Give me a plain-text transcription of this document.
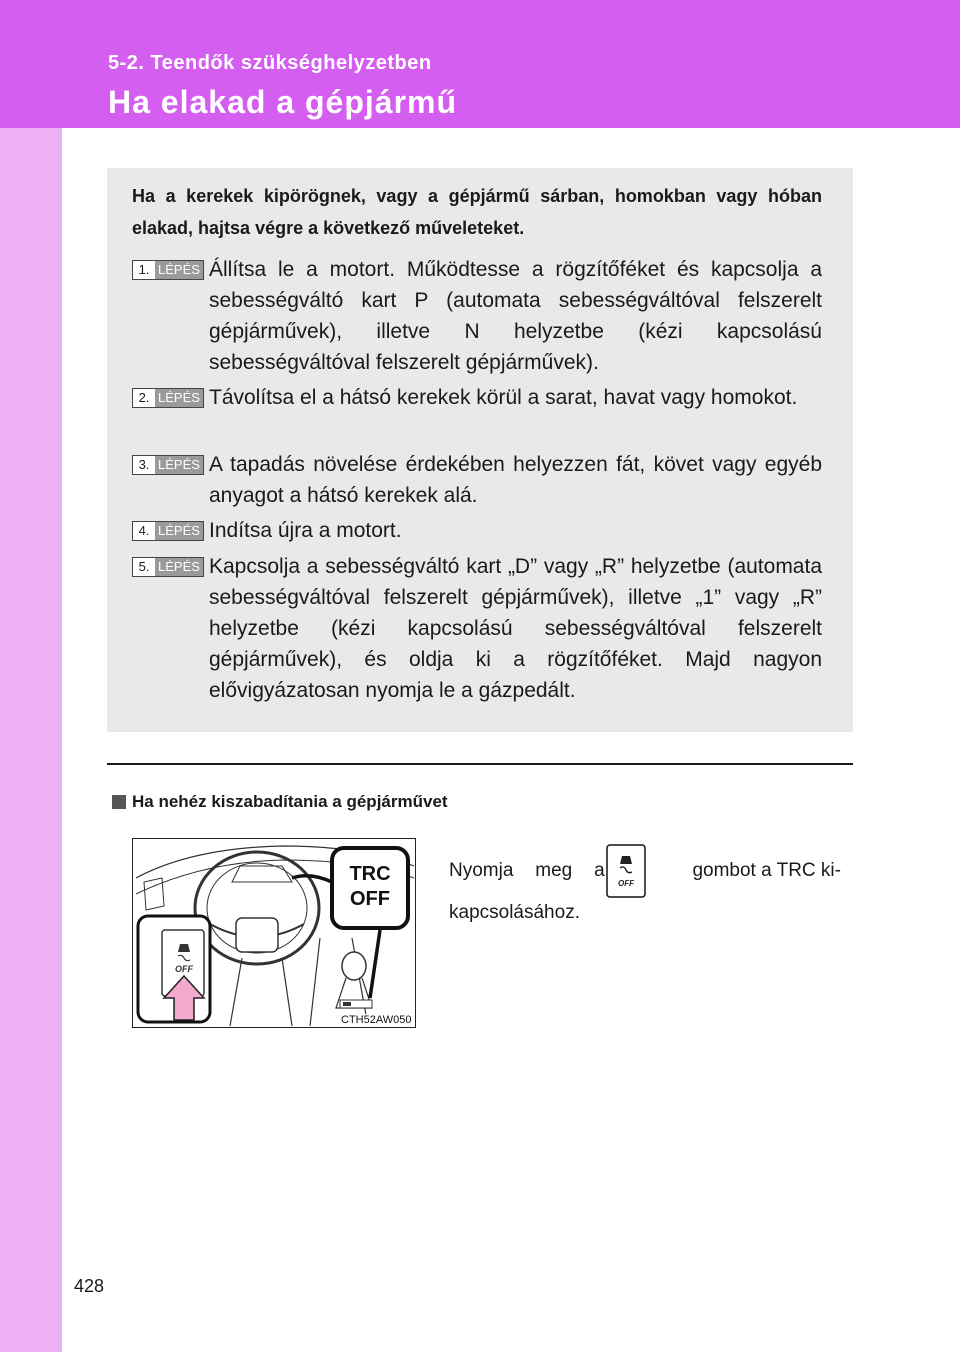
5-2. Teendők szükséghelyzetben
Ha elakad a gépjármű
Ha a kerekek kipörögnek, vagy a gépjármű sárban, homokban vagy hóban elakad, hajtsa végre a következő műveleteket.
1. LÉPÉS Állítsa le a motort. Működtesse a rögzítőféket és kapcsolja a sebességváltó kart P (automata sebességváltóval felszerelt gépjárművek), illetve N helyzetbe (kézi kapcsolású sebességváltóval felszerelt gépjárművek).
2. LÉPÉS Távolítsa el a hátsó kerekek körül a sarat, havat vagy homokot.
3. LÉPÉS A tapadás növelése érdekében helyezzen fát, követ vagy egyéb anyagot a hátsó kerekek alá.
4. LÉPÉS Indítsa újra a motort.
5. LÉPÉS Kapcsolja a sebességváltó kart „D” vagy „R” helyzetbe (automata sebességváltóval felszerelt gépjárművek), illetve „1” vagy „R” helyzetbe (kézi kapcsolású sebességváltóval felszerelt gépjárművek), és oldja ki a rögzítőféket. Majd nagyon elővigyázatosan nyomja le a gázpedált.
Ha nehéz kiszabadítania a gépjárművet
TRC
OFF
OFF
CTH52AW050
Nyomja meg a	gombot a TRC ki-
kapcsolásához.
OFF
428
